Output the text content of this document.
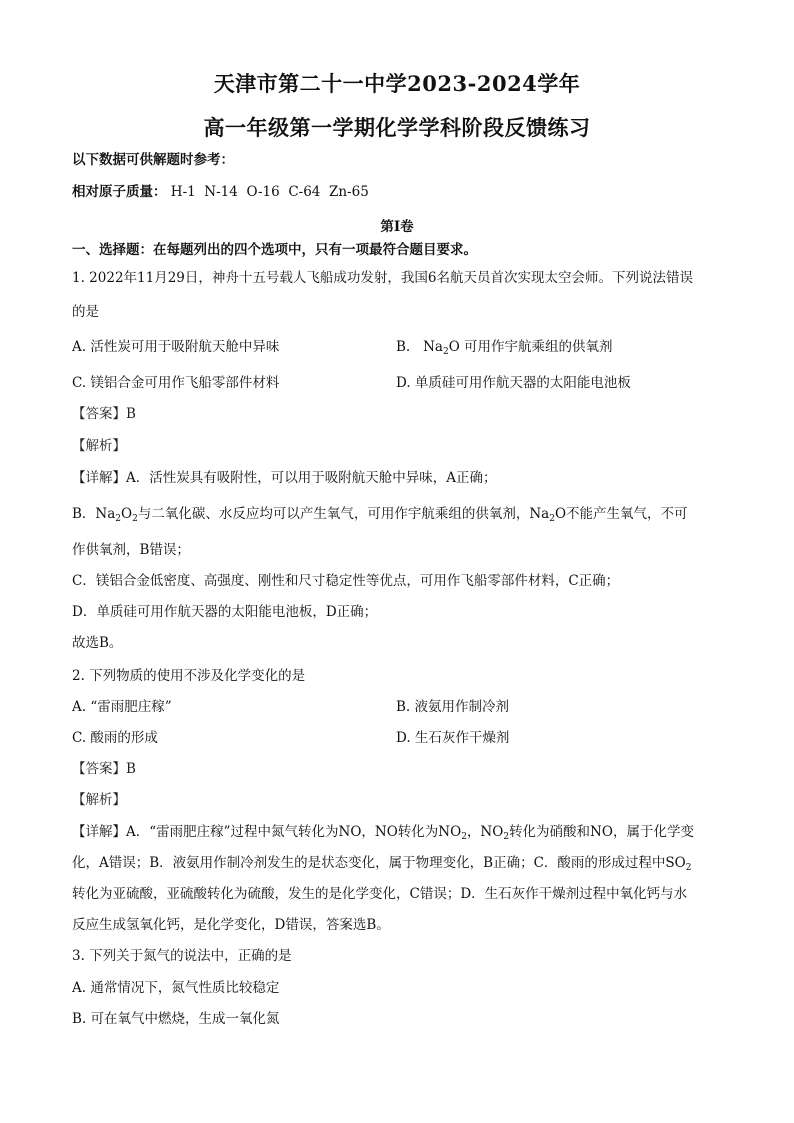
天津市第二十一中学2023-2024学年
高一年级第一学期化学学科阶段反馈练习
以下数据可供解题时参考：
相对原子质量： H-1  N-14  O-16  C-64  Zn-65
第I卷
一、选择题：在每题列出的四个选项中，只有一项最符合题目要求。
1. 2022年11月29日，神舟十五号载人飞船成功发射，我国6名航天员首次实现太空会师。下列说法错误
的是
A. 活性炭可用于吸附航天舱中异味	B.   $Na_2O$ 可用作宇航乘组的供氧剂
C. 镁铝合金可用作飞船零部件材料	D. 单质硅可用作航天器的太阳能电池板
【答案】B
【解析】
【详解】A．活性炭具有吸附性，可以用于吸附航天舱中异味，A正确；
B．$Na_2O_2$与二氧化碳、水反应均可以产生氧气，可用作宇航乘组的供氧剂，$Na_2O$不能产生氧气，不可
作供氧剂，B错误；
C．镁铝合金低密度、高强度、刚性和尺寸稳定性等优点，可用作飞船零部件材料，C正确；
D．单质硅可用作航天器的太阳能电池板，D正确；
故选B。
2. 下列物质的使用不涉及化学变化的是
A. “雷雨肥庄稼”	B. 液氨用作制冷剂
C. 酸雨的形成	D. 生石灰作干燥剂
【答案】B
【解析】
【详解】A．“雷雨肥庄稼”过程中氮气转化为NO，NO转化为$NO_2$，$NO_2$转化为硝酸和NO，属于化学变
化，A错误；B．液氨用作制冷剂发生的是状态变化，属于物理变化，B正确；C．酸雨的形成过程中$SO_2$
转化为亚硫酸，亚硫酸转化为硫酸，发生的是化学变化，C错误；D．生石灰作干燥剂过程中氧化钙与水
反应生成氢氧化钙，是化学变化，D错误，答案选B。
3. 下列关于氮气的说法中，正确的是
A. 通常情况下，氮气性质比较稳定
B. 可在氧气中燃烧，生成一氧化氮
